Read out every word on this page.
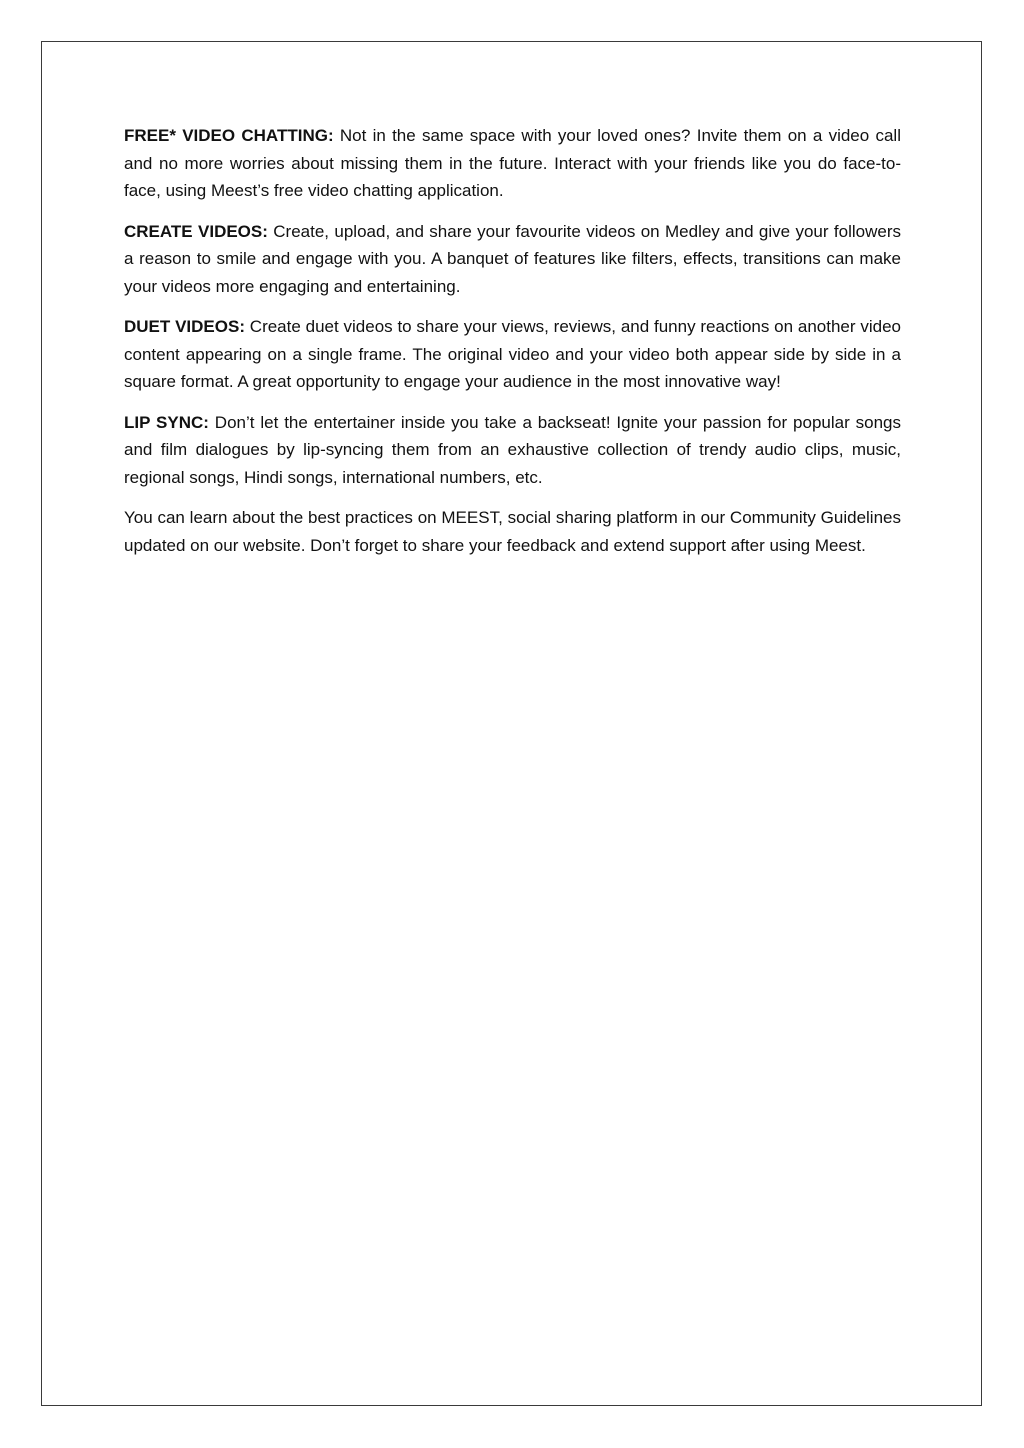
FREE* VIDEO CHATTING: Not in the same space with your loved ones? Invite them on a video call and no more worries about missing them in the future. Interact with your friends like you do face-to-face, using Meest’s free video chatting application.

CREATE VIDEOS: Create, upload, and share your favourite videos on Medley and give your followers a reason to smile and engage with you. A banquet of features like filters, effects, transitions can make your videos more engaging and entertaining.

DUET VIDEOS: Create duet videos to share your views, reviews, and funny reactions on another video content appearing on a single frame. The original video and your video both appear side by side in a square format. A great opportunity to engage your audience in the most innovative way!

LIP SYNC: Don’t let the entertainer inside you take a backseat! Ignite your passion for popular songs and film dialogues by lip-syncing them from an exhaustive collection of trendy audio clips, music, regional songs, Hindi songs, international numbers, etc.

You can learn about the best practices on MEEST, social sharing platform in our Community Guidelines updated on our website. Don’t forget to share your feedback and extend support after using Meest.
